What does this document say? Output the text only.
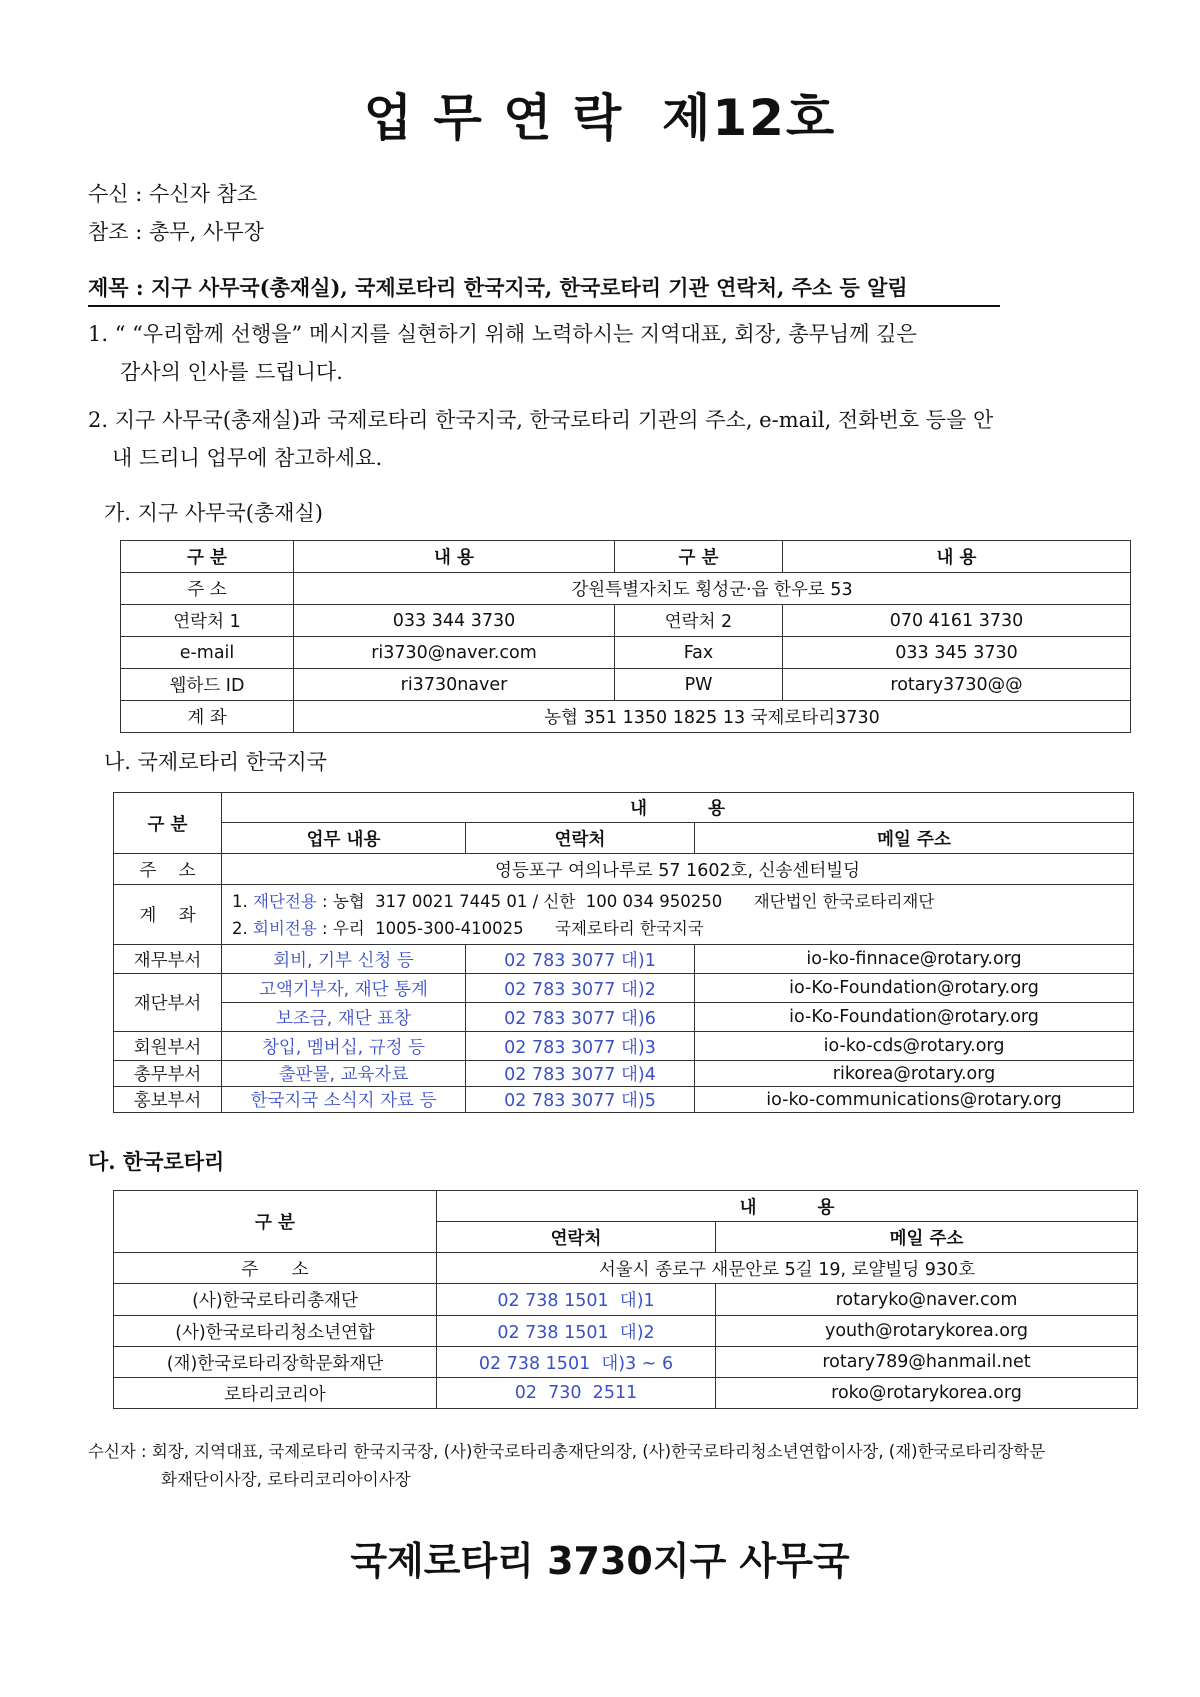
업 무 연 락  제12호
수신 : 수신자 참조
참조 : 총무, 사무장
제목 : 지구 사무국(총재실), 국제로타리 한국지국, 한국로타리 기관 연락처, 주소 등 알림
1. “ “우리함께 선행을” 메시지를 실현하기 위해 노력하시는 지역대표, 회장, 총무님께 깊은
감사의 인사를 드립니다.
2. 지구 사무국(총재실)과 국제로타리 한국지국, 한국로타리 기관의 주소, e-mail, 전화번호 등을 안
내 드리니 업무에 참고하세요.
가. 지구 사무국(총재실)
구 분	내 용	구 분	내 용
주 소	강원특별자치도 횡성군·읍 한우로 53		
연락처 1	033 344 3730	연락처 2	070 4161 3730
e-mail	ri3730@naver.com	Fax	033 345 3730
웹하드 ID	ri3730naver	PW	rotary3730@@
계 좌	농협 351 1350 1825 13 국제로타리3730		
나. 국제로타리 한국지국
구 분	내          용		
	업무 내용	연락처	메일 주소
주    소	영등포구 여의나루로 57 1602호, 신송센터빌딩		
계    좌	1. 재단전용 : 농협  317 0021 7445 01 / 신한  100 034 950250      재단법인 한국로타리재단
2. 회비전용 : 우리  1005-300-410025      국제로타리 한국지국		

재무부서	회비, 기부 신청 등	02 783 3077 대)1	io-ko-finnace@rotary.org
재단부서	고액기부자, 재단 통계	02 783 3077 대)2	io-Ko-Foundation@rotary.org
	보조금, 재단 표창	02 783 3077 대)6	io-Ko-Foundation@rotary.org
회원부서	창입, 멤버십, 규정 등	02 783 3077 대)3	io-ko-cds@rotary.org
총무부서	출판물, 교육자료	02 783 3077 대)4	rikorea@rotary.org
홍보부서	한국지국 소식지 자료 등	02 783 3077 대)5	io-ko-communications@rotary.org
다. 한국로타리
구 분	내          용	
	연락처	메일 주소
주      소	서울시 종로구 새문안로 5길 19, 로얄빌딩 930호	
(사)한국로타리총재단	02 738 1501  대)1	rotaryko@naver.com
(사)한국로타리청소년연합	02 738 1501  대)2	youth@rotarykorea.org
(재)한국로타리장학문화재단	02 738 1501  대)3 ~ 6	rotary789@hanmail.net
로타리코리아	02  730  2511	roko@rotarykorea.org
수신자 : 회장, 지역대표, 국제로타리 한국지국장, (사)한국로타리총재단의장, (사)한국로타리청소년연합이사장, (재)한국로타리장학문
화재단이사장, 로타리코리아이사장
국제로타리 3730지구 사무국
